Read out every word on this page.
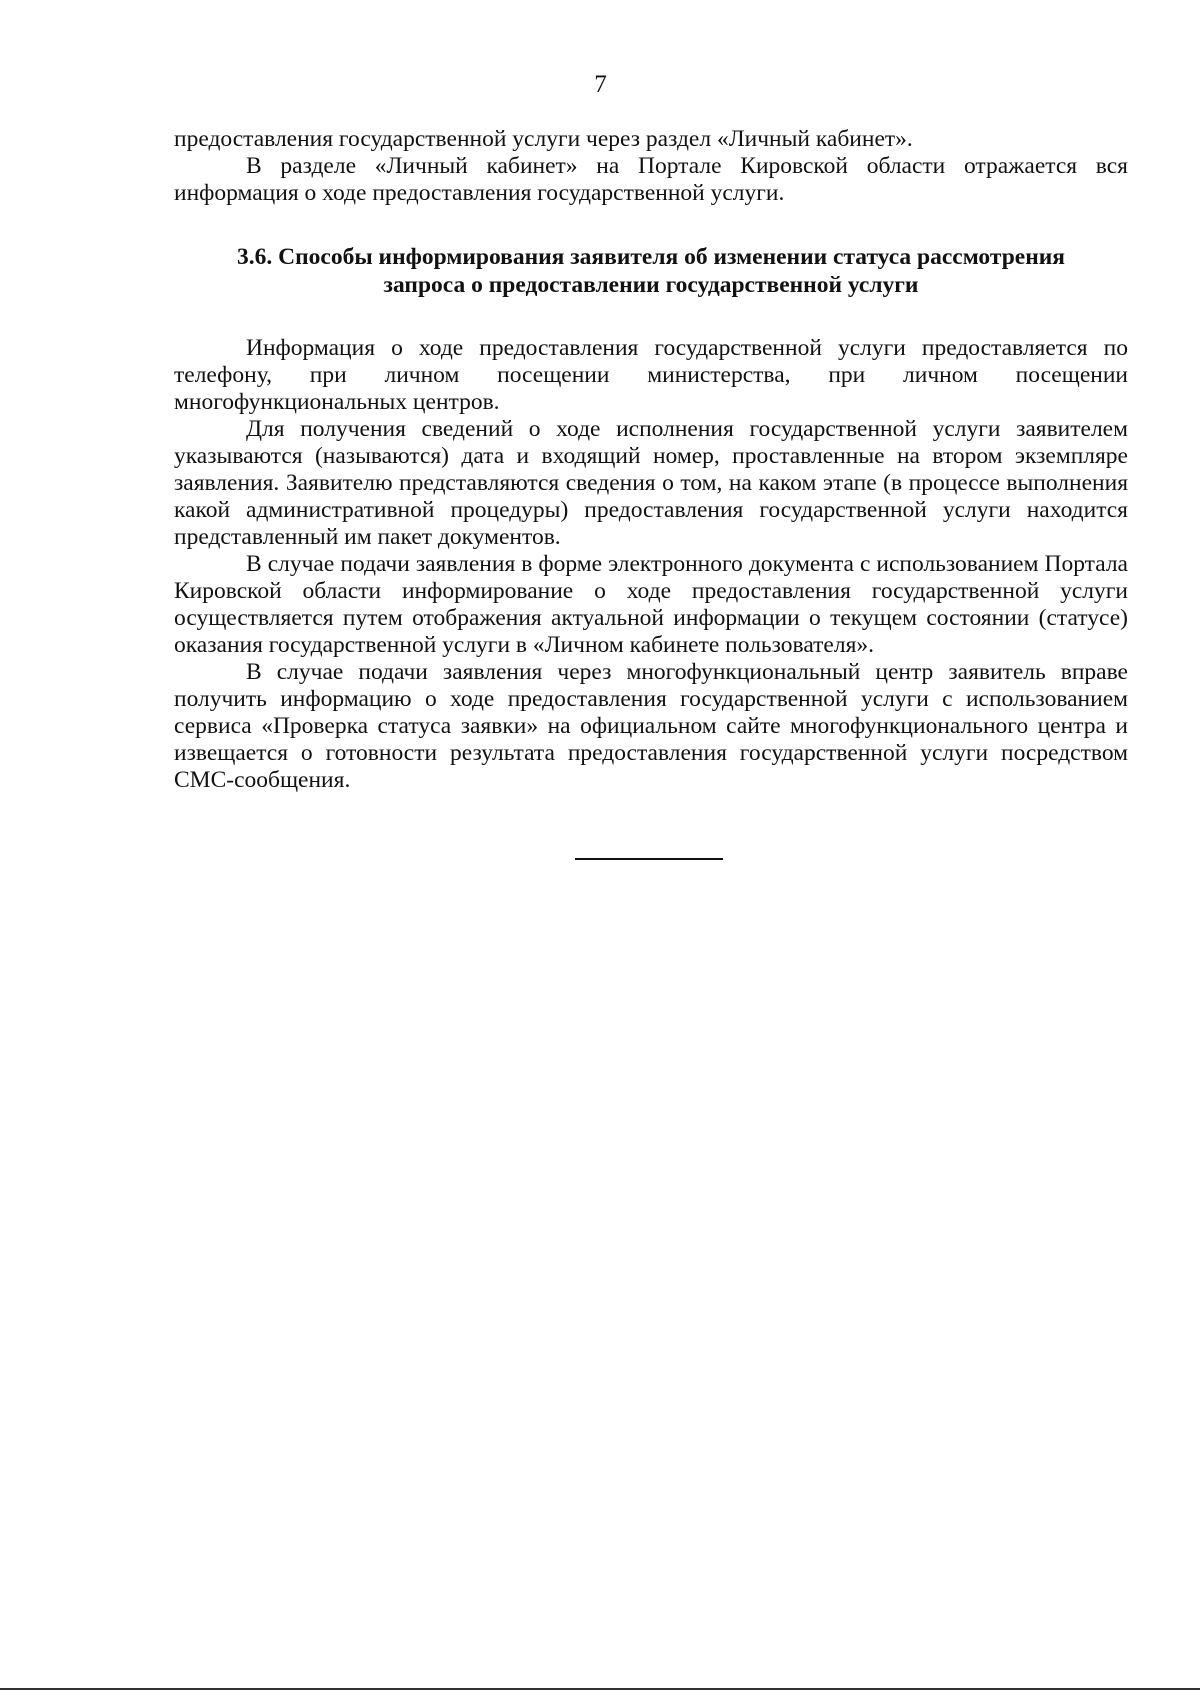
7

предоставления государственной услуги через раздел «Личный кабинет».

В разделе «Личный кабинет» на Портале Кировской области отражается вся информация о ходе предоставления государственной услуги.

3.6. Способы информирования заявителя об изменении статуса рассмотрения
запроса о предоставлении государственной услуги

Информация о ходе предоставления государственной услуги предоставляется по телефону, при личном посещении министерства, при личном посещении многофункциональных центров.

Для получения сведений о ходе исполнения государственной услуги заявителем указываются (называются) дата и входящий номер, проставленные на втором экземпляре заявления. Заявителю представляются сведения о том, на каком этапе (в процессе выполнения какой административной процедуры) предоставления государственной услуги находится представленный им пакет документов.

В случае подачи заявления в форме электронного документа с использованием Портала Кировской области информирование о ходе предоставления государственной услуги осуществляется путем отображения актуальной информации о текущем состоянии (статусе) оказания государственной услуги в «Личном кабинете пользователя».

В случае подачи заявления через многофункциональный центр заявитель вправе получить информацию о ходе предоставления государственной услуги с использованием сервиса «Проверка статуса заявки» на официальном сайте многофункционального центра и извещается о готовности результата предоставления государственной услуги посредством СМС-сообщения.
